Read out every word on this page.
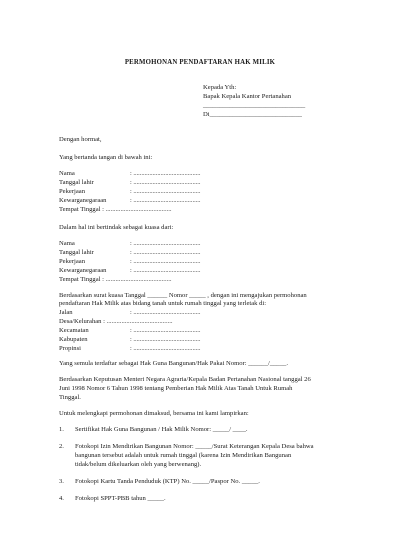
PERMOHONAN PENDAFTARAN HAK MILIK
Kepada Yth:
Bapak Kepala Kantor Pertanahan
_______________________________
Di____________________________
Dengan hormat,
Yang bertanda tangan di bawah ini:
Nama	: ..........................................
Tanggal lahir	: ..........................................
Pekerjaan	: ..........................................
Kewarganegaraan	: ..........................................
Tempat Tinggal : ........................................
Dalam hal ini bertindak sebagai kuasa dari:
Nama	: ..........................................
Tanggal lahir	: ..........................................
Pekerjaan	: ..........................................
Kewarganegaraan	: ..........................................
Tempat Tinggal : ........................................
Berdasarkan surat kuasa Tanggal ______ Nomor _____ , dengan ini mengajukan permohonan
pendaftaran Hak Milik atas bidang tanah untuk rumah tinggal yang terletak di:
Jalan	: ..........................................
Desa/Kelurahan : ........................................
Kecamatan	: ..........................................
Kabupaten	: ..........................................
Propinsi	: ..........................................
Yang semula terdaftar sebagai Hak Guna Bangunan/Hak Pakai Nomor: ______/_____.
Berdasarkan Keputusan Menteri Negara Agraria/Kepala Badan Pertanahan Nasional tanggal 26
Juni 1998 Nomor 6 Tahun 1998 tentang Pemberian Hak Milik Atas Tanah Untuk Rumah
Tinggal.
Untuk melengkapi permohonan dimaksud, bersama ini kami lampirkan:
1. Sertifikat Hak Guna Bangunan / Hak Milik Nomor: _____/ ____.
2. Fotokopi Izin Mendirikan Bangunan Nomor: _____/Surat Keterangan Kepala Desa bahwa
bangunan tersebut adalah untuk rumah tinggal (karena Izin Mendirikan Bangunan
tidak/belum dikeluarkan oleh yang berwenang).
3. Fotokopi Kartu Tanda Penduduk (KTP) No. _____/Paspor No. _____.
4. Fotokopi SPPT-PBB tahun _____.
